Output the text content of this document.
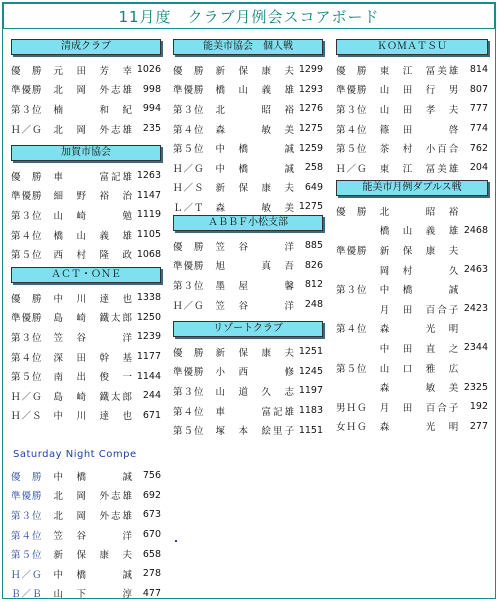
11月度　クラブ月例会スコアボード
清成クラブ
優　勝	元　田　芳　幸 1026
準優勝	北　岡　外志雄 998
第３位	楠　　　和　紀 994
Ｈ／Ｇ	北　岡　外志雄 235
加賀市協会
優　勝	車　　　富記雄 1263
準優勝	細　野　裕　治 1147
第３位	山　崎　　　勉 1119
第４位	橋　山　義　雄 1105
第５位	西　村　隆　政 1068
ＡＣＴ・ＯＮＥ
優　勝	中　川　達　也 1338
準優勝	島　崎　鐵太郎 1250
第３位	笠　谷　　　洋 1239
第４位	深　田　幹　基 1177
第５位	南　出　俊　一 1144
Ｈ／Ｇ	島　崎　鐵太郎 244
Ｈ／Ｓ	中　川　達　也 671
能美市協会　個人戦
優　勝	新　保　康　夫 1299
準優勝	橋　山　義　雄 1293
第３位	北　　　昭　裕 1276
第４位	森　　　敏　美 1275
第５位	中　橋　　　誠 1259
Ｈ／Ｇ	中　橋　　　誠 258
Ｈ／Ｓ	新　保　康　夫 649
Ｌ／Ｔ	森　　　敏　美 1275
ＡＢＢＦ小松支部
優　勝	笠　谷　　　洋 885
準優勝	旭　　　真　吾 826
第３位	墨　屋　　　馨 812
Ｈ／Ｇ	笠　谷　　　洋 248
リゾートクラブ
優　勝	新　保　康　夫 1251
準優勝	小　西　　　修 1245
第３位	山　道　久　志 1197
第４位	車　　　富記雄 1183
第５位	塚　本　絵里子 1151
ＫＯＭＡＴＳＵ
優　勝	東　江　冨美雄	814
準優勝	山　田　行　男	807
第３位	山　田　孝　夫	777
第４位	篠　田　　　啓	774
第５位	茶　村　小百合	762
Ｈ／Ｇ	東　江　冨美雄	204
能美市月例ダブルス戦
優　勝	北　　　昭　裕
橋　山　義　雄 2468
準優勝	新　保　康　夫
岡　村　　　久 2463
第３位	中　橋　　　誠
月　田　百合子 2423
第４位	森　　　光　明
中　田　直　之 2344
第５位	山　口　雅　広
森　　　敏　美 2325
男ＨＧ	月　田　百合子	192
女ＨＧ	森　　　光　明	277
Saturday Night Compe
優　勝	中　橋　　　誠 756
準優勝	北　岡　外志雄 692
第３位	北　岡　外志雄 673
第４位	笠　谷　　　洋 670
第５位	新　保　康　夫 658
Ｈ／Ｇ	中　橋　　　誠 278
Ｂ／Ｂ	山　下　　　淳 477
